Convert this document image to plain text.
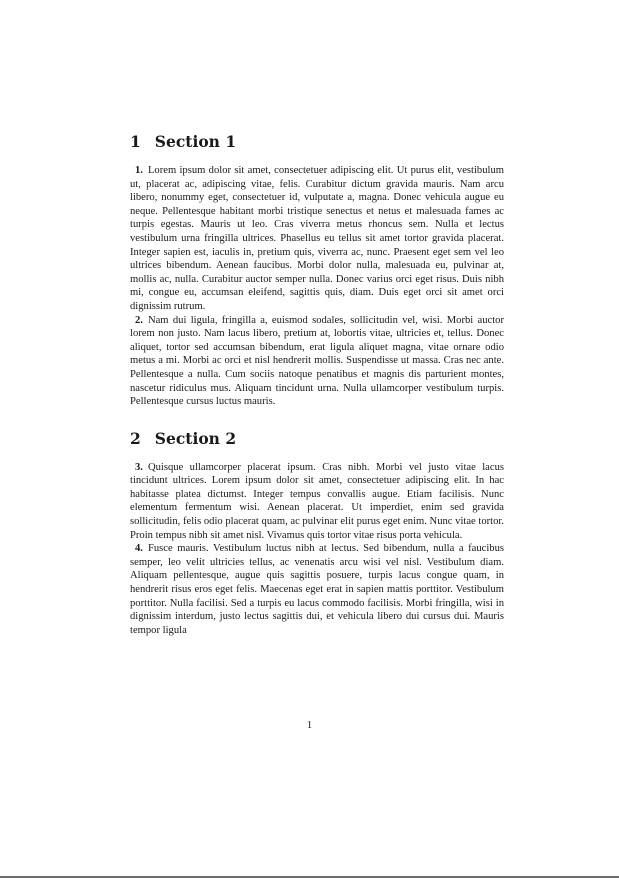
1 Section 1

1. Lorem ipsum dolor sit amet, consectetuer adipiscing elit. Ut purus elit, vestibulum ut, placerat ac, adipiscing vitae, felis. Curabitur dictum gravida mauris. Nam arcu libero, nonummy eget, consectetuer id, vulputate a, magna. Donec vehicula augue eu neque. Pellentesque habitant morbi tristique senectus et netus et malesuada fames ac turpis egestas. Mauris ut leo. Cras viverra metus rhoncus sem. Nulla et lectus vestibulum urna fringilla ultrices. Phasellus eu tellus sit amet tortor gravida placerat. Integer sapien est, iaculis in, pretium quis, viverra ac, nunc. Praesent eget sem vel leo ultrices bibendum. Aenean faucibus. Morbi dolor nulla, malesuada eu, pulvinar at, mollis ac, nulla. Curabitur auctor semper nulla. Donec varius orci eget risus. Duis nibh mi, congue eu, accumsan eleifend, sagittis quis, diam. Duis eget orci sit amet orci dignissim rutrum.

2. Nam dui ligula, fringilla a, euismod sodales, sollicitudin vel, wisi. Morbi auctor lorem non justo. Nam lacus libero, pretium at, lobortis vitae, ultricies et, tellus. Donec aliquet, tortor sed accumsan bibendum, erat ligula aliquet magna, vitae ornare odio metus a mi. Morbi ac orci et nisl hendrerit mollis. Suspendisse ut massa. Cras nec ante. Pellentesque a nulla. Cum sociis natoque penatibus et magnis dis parturient montes, nascetur ridiculus mus. Aliquam tincidunt urna. Nulla ullamcorper vestibulum turpis. Pellentesque cursus luctus mauris.

2 Section 2

3. Quisque ullamcorper placerat ipsum. Cras nibh. Morbi vel justo vitae lacus tincidunt ultrices. Lorem ipsum dolor sit amet, consectetuer adipiscing elit. In hac habitasse platea dictumst. Integer tempus convallis augue. Etiam facilisis. Nunc elementum fermentum wisi. Aenean placerat. Ut imperdiet, enim sed gravida sollicitudin, felis odio placerat quam, ac pulvinar elit purus eget enim. Nunc vitae tortor. Proin tempus nibh sit amet nisl. Vivamus quis tortor vitae risus porta vehicula.

4. Fusce mauris. Vestibulum luctus nibh at lectus. Sed bibendum, nulla a faucibus semper, leo velit ultricies tellus, ac venenatis arcu wisi vel nisl. Vestibulum diam. Aliquam pellentesque, augue quis sagittis posuere, turpis lacus congue quam, in hendrerit risus eros eget felis. Maecenas eget erat in sapien mattis porttitor. Vestibulum porttitor. Nulla facilisi. Sed a turpis eu lacus commodo facilisis. Morbi fringilla, wisi in dignissim interdum, justo lectus sagittis dui, et vehicula libero dui cursus dui. Mauris tempor ligula

1
